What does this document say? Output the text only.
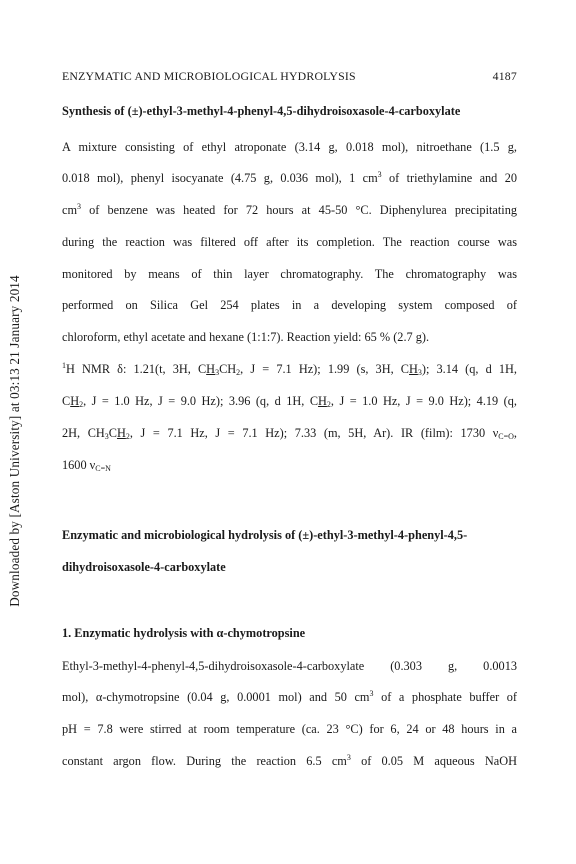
Downloaded by [Aston University] at 03:13 21 January 2014
ENZYMATIC AND MICROBIOLOGICAL HYDROLYSIS	4187
Synthesis of (±)-ethyl-3-methyl-4-phenyl-4,5-dihydroisoxasole-4-carboxylate
A mixture consisting of ethyl atroponate (3.14 g, 0.018 mol), nitroethane (1.5 g,
0.018 mol), phenyl isocyanate (4.75 g, 0.036 mol), 1 $cm^3$ of triethylamine and 20
$cm^3$ of benzene was heated for 72 hours at 45-50 °C. Diphenylurea precipitating
during the reaction was filtered off after its completion. The reaction course was
monitored by means of thin layer chromatography. The chromatography was
performed on Silica Gel 254 plates in a developing system composed of
chloroform, ethyl acetate and hexane (1:1:7). Reaction yield: 65 % (2.7 g).
$^1$H NMR δ: 1.21(t, 3H, $CH_3CH_2$, J = 7.1 Hz); 1.99 (s, 3H, $CH_3$); 3.14 (q, d 1H,
$CH_2$, J = 1.0 Hz, J = 9.0 Hz); 3.96 (q, d 1H, $CH_2$, J = 1.0 Hz, J = 9.0 Hz); 4.19 (q,
2H, $CH_3CH_2$, J = 7.1 Hz, J = 7.1 Hz); 7.33 (m, 5H, Ar). IR (film): 1730 $\nu_{C=O}$,
1600 $\nu_{C=N}$
Enzymatic and microbiological hydrolysis of (±)-ethyl-3-methyl-4-phenyl-4,5-
dihydroisoxasole-4-carboxylate
1. Enzymatic hydrolysis with α-chymotropsine
Ethyl-3-methyl-4-phenyl-4,5-dihydroisoxasole-4-carboxylate (0.303 g, 0.0013
mol), α-chymotropsine (0.04 g, 0.0001 mol) and 50 $cm^3$ of a phosphate buffer of
pH = 7.8 were stirred at room temperature (ca. 23 °C) for 6, 24 or 48 hours in a
constant argon flow. During the reaction 6.5 $cm^3$ of 0.05 M aqueous NaOH
